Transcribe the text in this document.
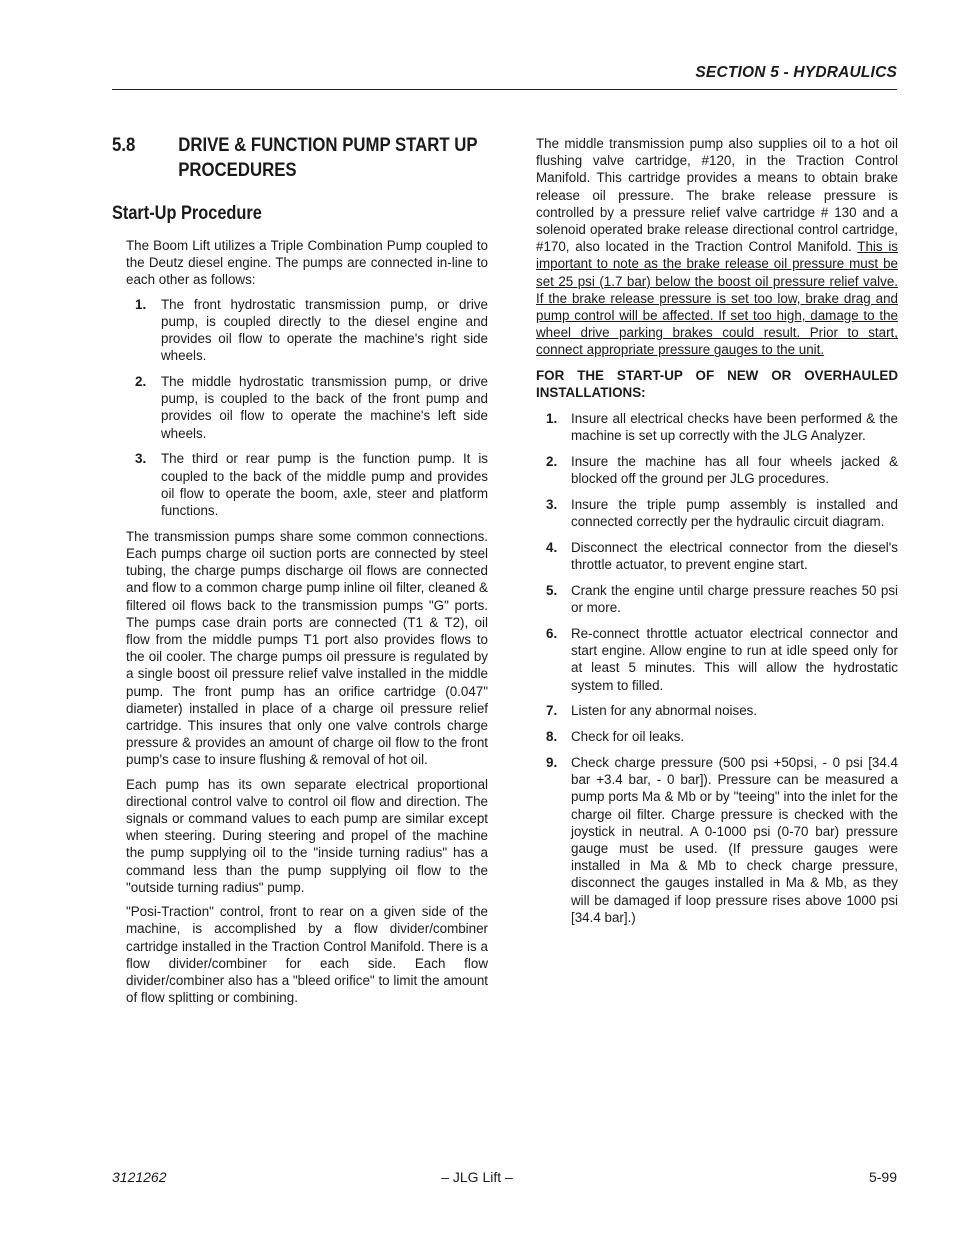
SECTION 5 - HYDRAULICS
5.8	DRIVE & FUNCTION PUMP START UP PROCEDURES
Start-Up Procedure

The Boom Lift utilizes a Triple Combination Pump coupled to the Deutz diesel engine. The pumps are connected in-line to each other as follows:

1.	The front hydrostatic transmission pump, or drive pump, is coupled directly to the diesel engine and provides oil flow to operate the machine's right side wheels.
2.	The middle hydrostatic transmission pump, or drive pump, is coupled to the back of the front pump and provides oil flow to operate the machine's left side wheels.
3.	The third or rear pump is the function pump. It is coupled to the back of the middle pump and provides oil flow to operate the boom, axle, steer and platform functions.

The transmission pumps share some common connections. Each pumps charge oil suction ports are connected by steel tubing, the charge pumps discharge oil flows are connected and flow to a common charge pump inline oil filter, cleaned & filtered oil flows back to the transmission pumps "G" ports. The pumps case drain ports are connected (T1 & T2), oil flow from the middle pumps T1 port also provides flows to the oil cooler. The charge pumps oil pressure is regulated by a single boost oil pressure relief valve installed in the middle pump. The front pump has an orifice cartridge (0.047" diameter) installed in place of a charge oil pressure relief cartridge. This insures that only one valve controls charge pressure & provides an amount of charge oil flow to the front pump's case to insure flushing & removal of hot oil.

Each pump has its own separate electrical proportional directional control valve to control oil flow and direction. The signals or command values to each pump are similar except when steering. During steering and propel of the machine the pump supplying oil to the "inside turning radius" has a command less than the pump supplying oil flow to the "outside turning radius" pump.

"Posi-Traction" control, front to rear on a given side of the machine, is accomplished by a flow divider/combiner cartridge installed in the Traction Control Manifold. There is a flow divider/combiner for each side. Each flow divider/combiner also has a "bleed orifice" to limit the amount of flow splitting or combining.

The middle transmission pump also supplies oil to a hot oil flushing valve cartridge, #120, in the Traction Control Manifold. This cartridge provides a means to obtain brake release oil pressure. The brake release pressure is controlled by a pressure relief valve cartridge # 130 and a solenoid operated brake release directional control cartridge, #170, also located in the Traction Control Manifold. This is important to note as the brake release oil pressure must be set 25 psi (1.7 bar) below the boost oil pressure relief valve. If the brake release pressure is set too low, brake drag and pump control will be affected. If set too high, damage to the wheel drive parking brakes could result. Prior to start, connect appropriate pressure gauges to the unit.

FOR THE START-UP OF NEW OR OVERHAULED INSTALLATIONS:

1.	Insure all electrical checks have been performed & the machine is set up correctly with the JLG Analyzer.
2.	Insure the machine has all four wheels jacked & blocked off the ground per JLG procedures.
3.	Insure the triple pump assembly is installed and connected correctly per the hydraulic circuit diagram.
4.	Disconnect the electrical connector from the diesel's throttle actuator, to prevent engine start.
5.	Crank the engine until charge pressure reaches 50 psi or more.
6.	Re-connect throttle actuator electrical connector and start engine. Allow engine to run at idle speed only for at least 5 minutes. This will allow the hydrostatic system to filled.
7.	Listen for any abnormal noises.
8.	Check for oil leaks.
9.	Check charge pressure (500 psi +50psi, - 0 psi [34.4 bar +3.4 bar, - 0 bar]). Pressure can be measured a pump ports Ma & Mb or by "teeing" into the inlet for the charge oil filter. Charge pressure is checked with the joystick in neutral. A 0-1000 psi (0-70 bar) pressure gauge must be used. (If pressure gauges were installed in Ma & Mb to check charge pressure, disconnect the gauges installed in Ma & Mb, as they will be damaged if loop pressure rises above 1000 psi [34.4 bar].)
3121262	– JLG Lift –	5-99
